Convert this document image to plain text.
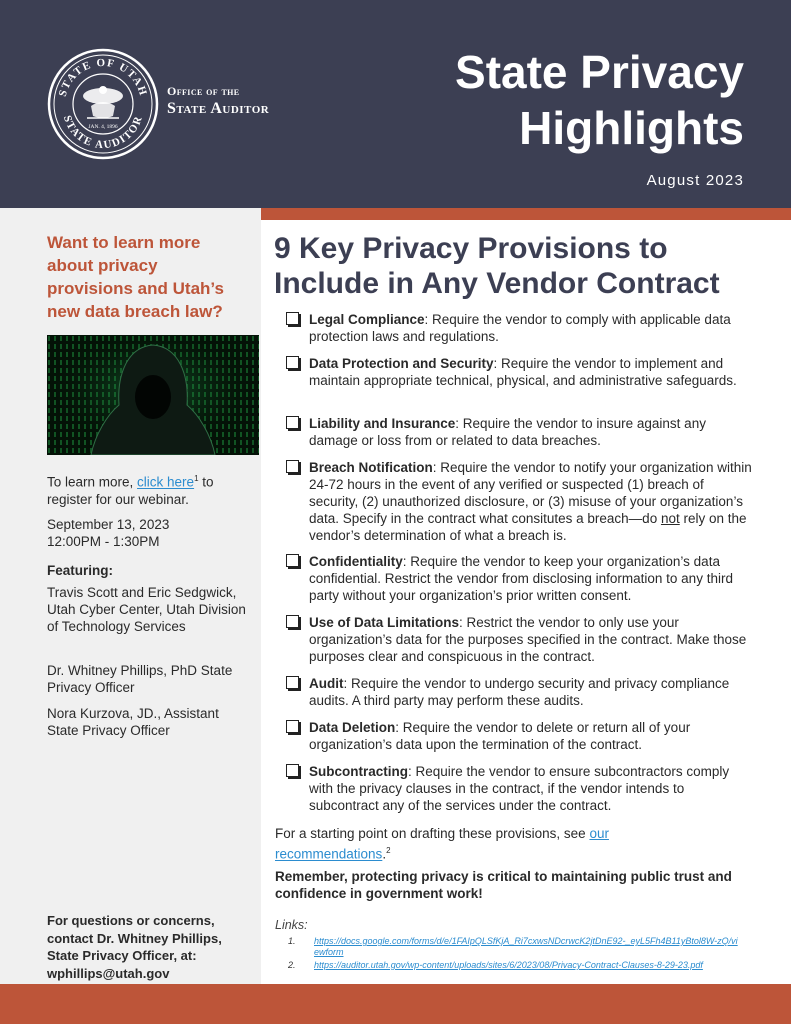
STATE OF UTAH
STATE AUDITOR
JAN. 4, 1896
Office of the
State Auditor
State Privacy Highlights
August 2023
Want to learn more about privacy provisions and Utah’s new data breach law?
To learn more, click here$^1$ to register for our webinar.
September 13, 2023
12:00PM - 1:30PM
Featuring:
Travis Scott and Eric Sedgwick, Utah Cyber Center, Utah Division of Technology Services
Dr. Whitney Phillips, PhD State Privacy Officer
Nora Kurzova, JD., Assistant State Privacy Officer
For questions or concerns, contact Dr. Whitney Phillips, State Privacy Officer, at: wphillips@utah.gov
9 Key Privacy Provisions to Include in Any Vendor Contract
Legal Compliance: Require the vendor to comply with applicable data protection laws and regulations.
Data Protection and Security: Require the vendor to implement and maintain appropriate technical, physical, and administrative safeguards.
Liability and Insurance: Require the vendor to insure against any damage or loss from or related to data breaches.
Breach Notification: Require the vendor to notify your organization within 24-72 hours in the event of any verified or suspected (1) breach of security, (2) unauthorized disclosure, or (3) misuse of your organization’s data. Specify in the contract what consitutes a breach—do not rely on the vendor’s determination of what a breach is.
Confidentiality: Require the vendor to keep your organization’s data confidential. Restrict the vendor from disclosing information to any third party without your organization’s prior written consent.
Use of Data Limitations: Restrict the vendor to only use your organization’s data for the purposes specified in the contract. Make those purposes clear and conspicuous in the contract.
Audit: Require the vendor to undergo security and privacy compliance audits. A third party may perform these audits.
Data Deletion: Require the vendor to delete or return all of your organization’s data upon the termination of the contract.
Subcontracting: Require the vendor to ensure subcontractors comply with the privacy clauses in the contract, if the vendor intends to subcontract any of the services under the contract.
For a starting point on drafting these provisions, see our recommendations.$^2$
Remember, protecting privacy is critical to maintaining public trust and confidence in government work!
Links:
1. https://docs.google.com/forms/d/e/1FAIpQLSfKjA_Ri7cxwsNDcrwcK2jtDnE92-_eyL5Fh4B11yBtol8W-zQ/viewform
2. https://auditor.utah.gov/wp-content/uploads/sites/6/2023/08/Privacy-Contract-Clauses-8-29-23.pdf
